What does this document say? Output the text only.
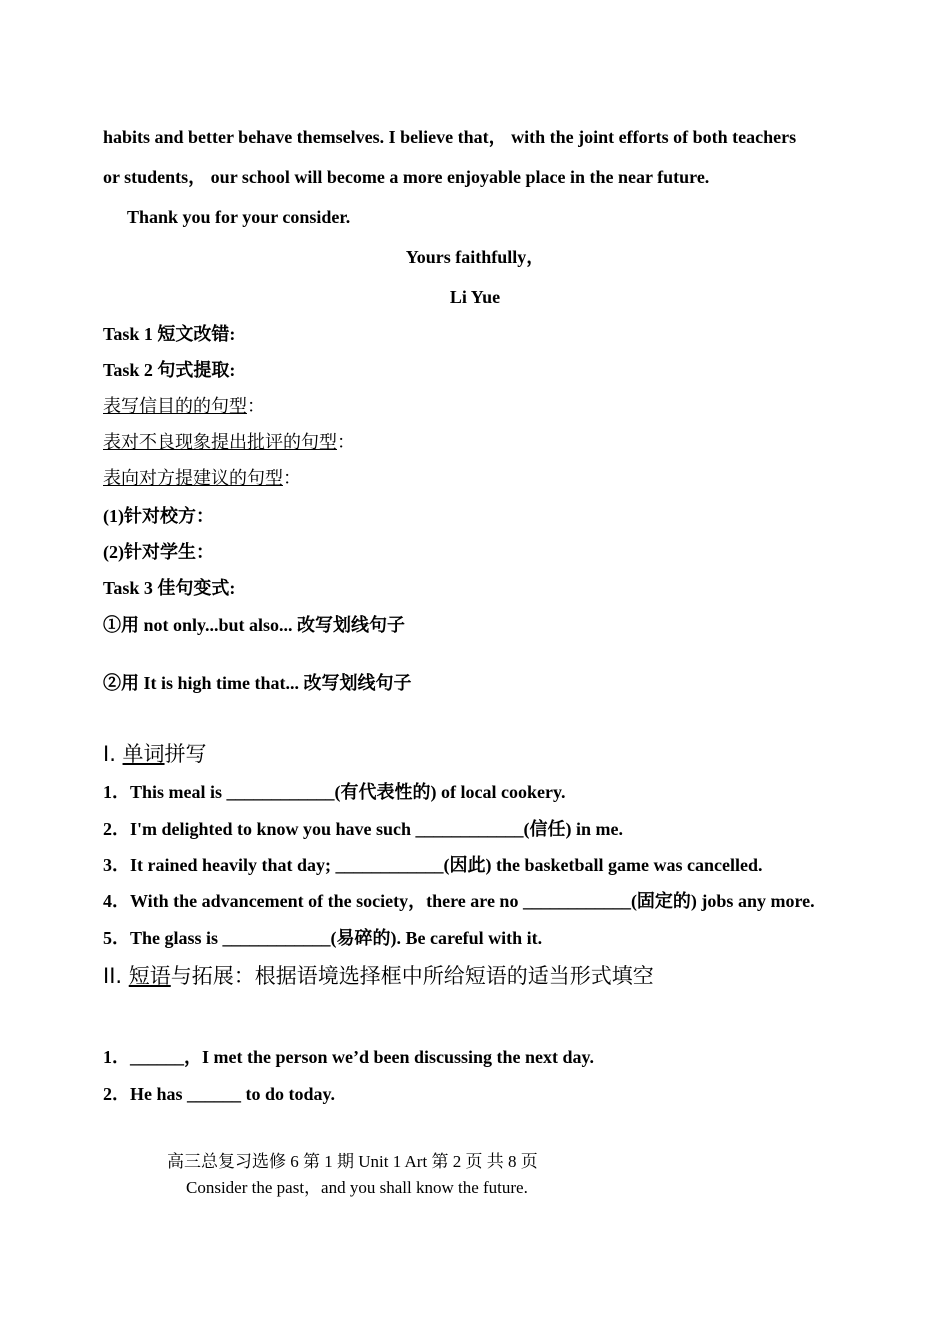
habits and better behave themselves. I believe that， with the joint efforts of both teachers
or students， our school will become a more enjoyable place in the near future.
Thank you for your consider.
Yours faithfully，
Li Yue
Task 1 短文改错:
Task 2 句式提取:
表写信目的的句型：
表对不良现象提出批评的句型：
表向对方提建议的句型：
(1)针对校方：
(2)针对学生：
Task 3 佳句变式:
①用 not only...but also... 改写划线句子
②用 It is high time that... 改写划线句子
I. 单词拼写
1．This meal is ____________(有代表性的) of local cookery.
2．I'm delighted to know you have such ____________(信任) in me.
3．It rained heavily that day; ____________(因此) the basketball game was cancelled.
4．With the advancement of the society，there are no ____________(固定的) jobs any more.
5．The glass is ____________(易碎的). Be careful with it.
II. 短语与拓展：根据语境选择框中所给短语的适当形式填空
1．______，I met the person we’d been discussing the next day.
2．He has ______ to do today.
高三总复习选修 6 第 1 期 Unit 1 Art 第 2 页 共 8 页
Consider the past，and you shall know the future.
